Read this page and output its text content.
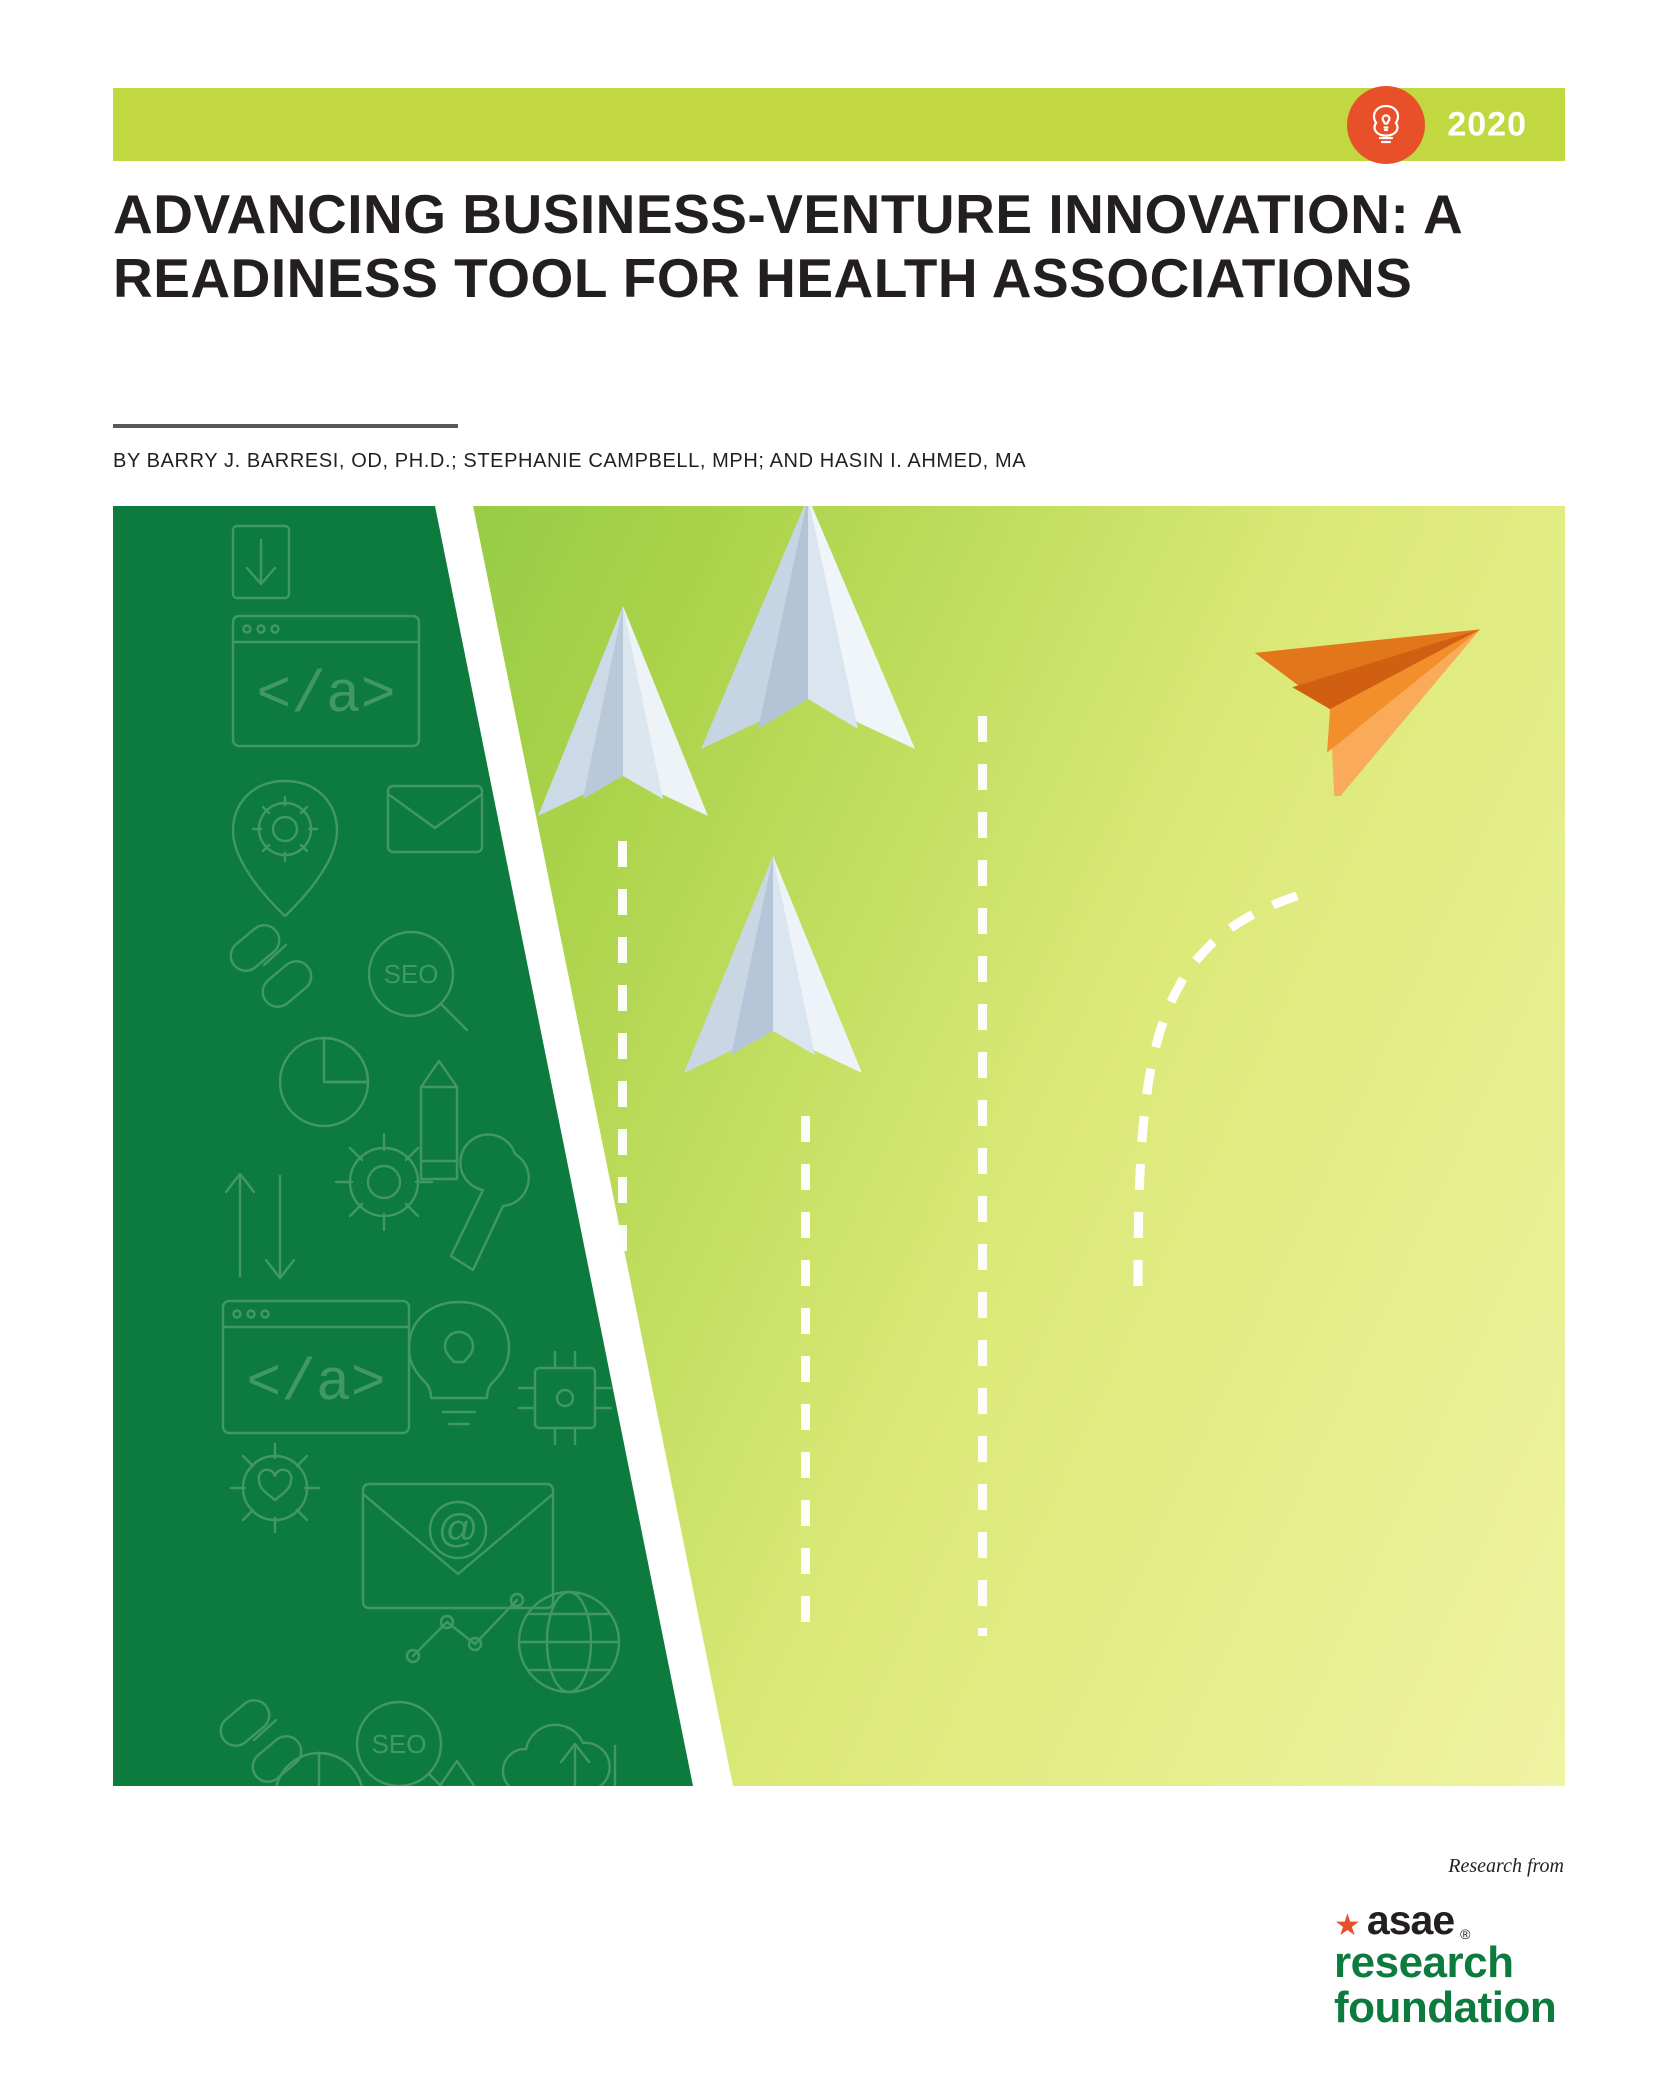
2020
ADVANCING BUSINESS-VENTURE INNOVATION: A READINESS TOOL FOR HEALTH ASSOCIATIONS
BY BARRY J. BARRESI, OD, PH.D.; STEPHANIE CAMPBELL, MPH; AND HASIN I. AHMED, MA
</a>
SEO
</a>
@
SEO
Research from
★ asae ®
research
foundation
